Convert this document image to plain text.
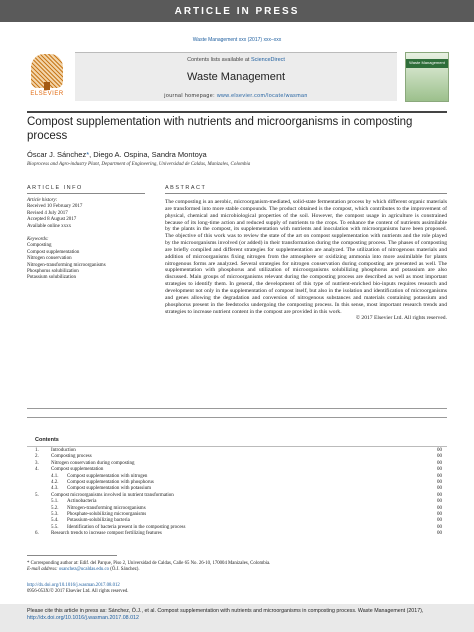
ARTICLE IN PRESS
Waste Management xxx (2017) xxx–xxx
ELSEVIER
Contents lists available at ScienceDirect
Waste Management
journal homepage: www.elsevier.com/locate/wasman
Waste Management
Compost supplementation with nutrients and microorganisms in composting process
Óscar J. Sánchez*, Diego A. Ospina, Sandra Montoya
Bioprocess and Agro-industry Plant, Department of Engineering, Universidad de Caldas, Manizales, Colombia
ARTICLE INFO	ABSTRACT
Article history:
Received 10 February 2017
Revised 4 July 2017
Accepted 8 August 2017
Available online xxxx
Keywords:
Composting
Compost supplementation
Nitrogen conservation
Nitrogen-transforming microorganisms
Phosphorus solubilization
Potassium solubilization
The composting is an aerobic, microorganism-mediated, solid-state fermentation process by which different organic materials are transformed into more stable compounds. The product obtained is the compost, which contributes to the improvement of physical, chemical and microbiological properties of the soil. However, the compost usage in agriculture is constrained because of its long-time action and reduced supply of nutrients to the crops. To enhance the content of nutrients assimilable by the plants in the compost, its supplementation with nutrients and inoculation with microorganisms have been proposed. The objective of this work was to review the state of the art on compost supplementation with nutrients and the role played by the microorganisms involved (or added) in their transformation during the composting process. The phases of composting are briefly compiled and different strategies for supplementation are analyzed. The utilization of nitrogenous materials and addition of microorganisms fixing nitrogen from the atmosphere or oxidizing ammonia into more assimilable for plants nitrogenous forms are analyzed. Several strategies for nitrogen conservation during composting are presented as well. The supplementation with phosphorus and utilization of microorganisms solubilizing phosphorus and potassium are also discussed. Main groups of microorganisms relevant during the composting process are described as well as most important strategies to identify them. In general, the development of this type of nutrient-enriched bio-inputs requires research and development not only in the supplementation of compost itself, but also in the isolation and identification of microorganisms and genes allowing the degradation and conversion of nitrogenous substances and materials containing potassium and phosphorus present in the feedstocks undergoing the composting process. In this sense, most important research trends and strategies to increase nutrient content in the compost are provided in this work.
© 2017 Elsevier Ltd. All rights reserved.
Contents
1. Introduction	00
2. Composting process	00
3. Nitrogen conservation during composting	00
4. Compost supplementation	00
4.1. Compost supplementation with nitrogen	00
4.2. Compost supplementation with phosphorus	00
4.3. Compost supplementation with potassium	00
5. Compost microorganisms involved in nutrient transformation	00
5.1. Actinobacteria	00
5.2. Nitrogen-transforming microorganisms	00
5.3. Phosphate-solubilizing microorganisms	00
5.4. Potassium-solubilizing bacteria	00
5.5. Identification of bacteria present in the composting process	00
6. Research trends to increase compost fertilizing features	00
* Corresponding author at: Edif. del Parque, Piso 2, Universidad de Caldas, Calle 65 No. 26-10, 170004 Manizales, Colombia.
E-mail address: osanchez@ucaldas.edu.co (Ó.J. Sánchez).
http://dx.doi.org/10.1016/j.wasman.2017.08.012
0956-053X/© 2017 Elsevier Ltd. All rights reserved.
Please cite this article in press as: Sánchez, Ó.J., et al. Compost supplementation with nutrients and microorganisms in composting process. Waste Management (2017), http://dx.doi.org/10.1016/j.wasman.2017.08.012
